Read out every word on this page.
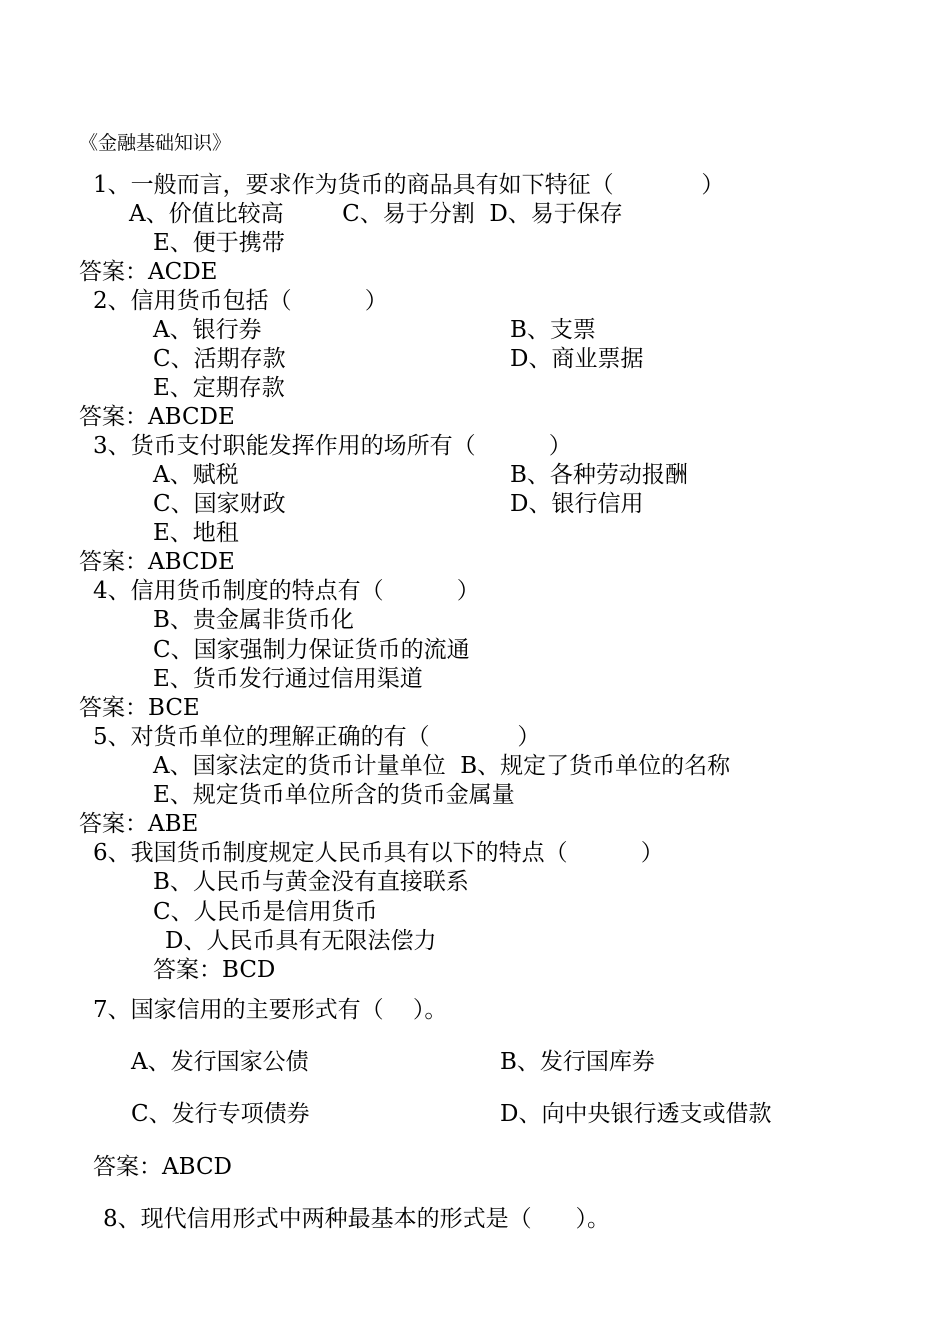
《金融基础知识》
1、一般而言，要求作为货币的商品具有如下特征（            ）
A、价值比较高        C、易于分割  D、易于保存
E、便于携带
答案：ACDE
2、信用货币包括（          ）
A、银行券	B、支票
C、活期存款	D、商业票据
E、定期存款
答案：ABCDE
3、货币支付职能发挥作用的场所有（          ）
A、赋税	B、各种劳动报酬
C、国家财政	D、银行信用
E、地租
答案：ABCDE
4、信用货币制度的特点有（          ）
B、贵金属非货币化
C、国家强制力保证货币的流通
E、货币发行通过信用渠道
答案：BCE
5、对货币单位的理解正确的有（            ）
A、国家法定的货币计量单位  B、规定了货币单位的名称
E、规定货币单位所含的货币金属量
答案：ABE
6、我国货币制度规定人民币具有以下的特点（          ）
B、人民币与黄金没有直接联系
C、人民币是信用货币
D、人民币具有无限法偿力
答案：BCD
7、国家信用的主要形式有（    ）。
A、发行国家公债	B、发行国库券
C、发行专项债券	D、向中央银行透支或借款
答案：ABCD
8、现代信用形式中两种最基本的形式是（      ）。
